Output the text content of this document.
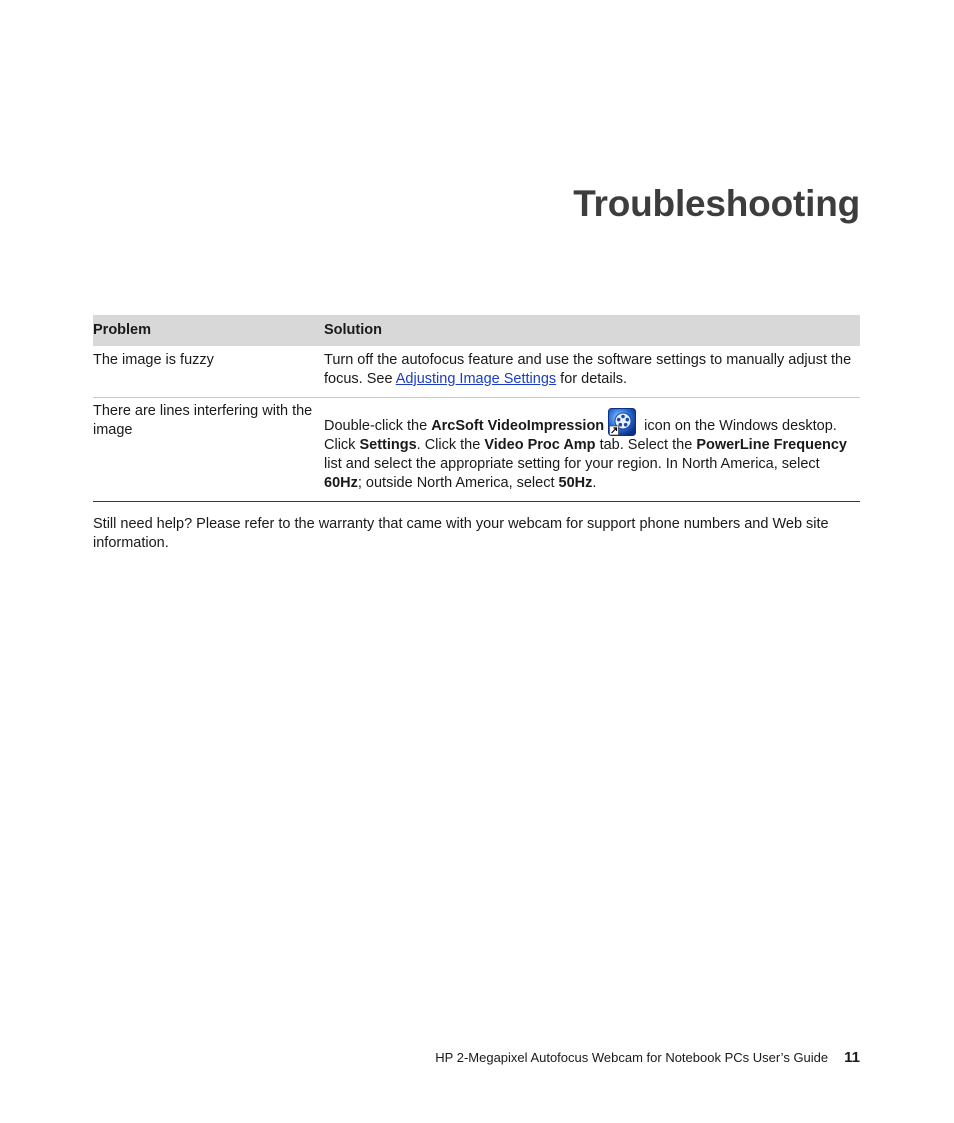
Troubleshooting
Problem	Solution
The image is fuzzy	Turn off the autofocus feature and use the software settings to manually adjust the focus. See Adjusting Image Settings for details.
There are lines interfering with the image	Double-click the ArcSoft VideoImpression icon on the Windows desktop. Click Settings. Click the Video Proc Amp tab. Select the PowerLine Frequency list and select the appropriate setting for your region. In North America, select 60Hz; outside North America, select 50Hz.

Still need help? Please refer to the warranty that came with your webcam for support phone numbers and Web site information.

HP 2-Megapixel Autofocus Webcam for Notebook PCs User’s Guide 11
